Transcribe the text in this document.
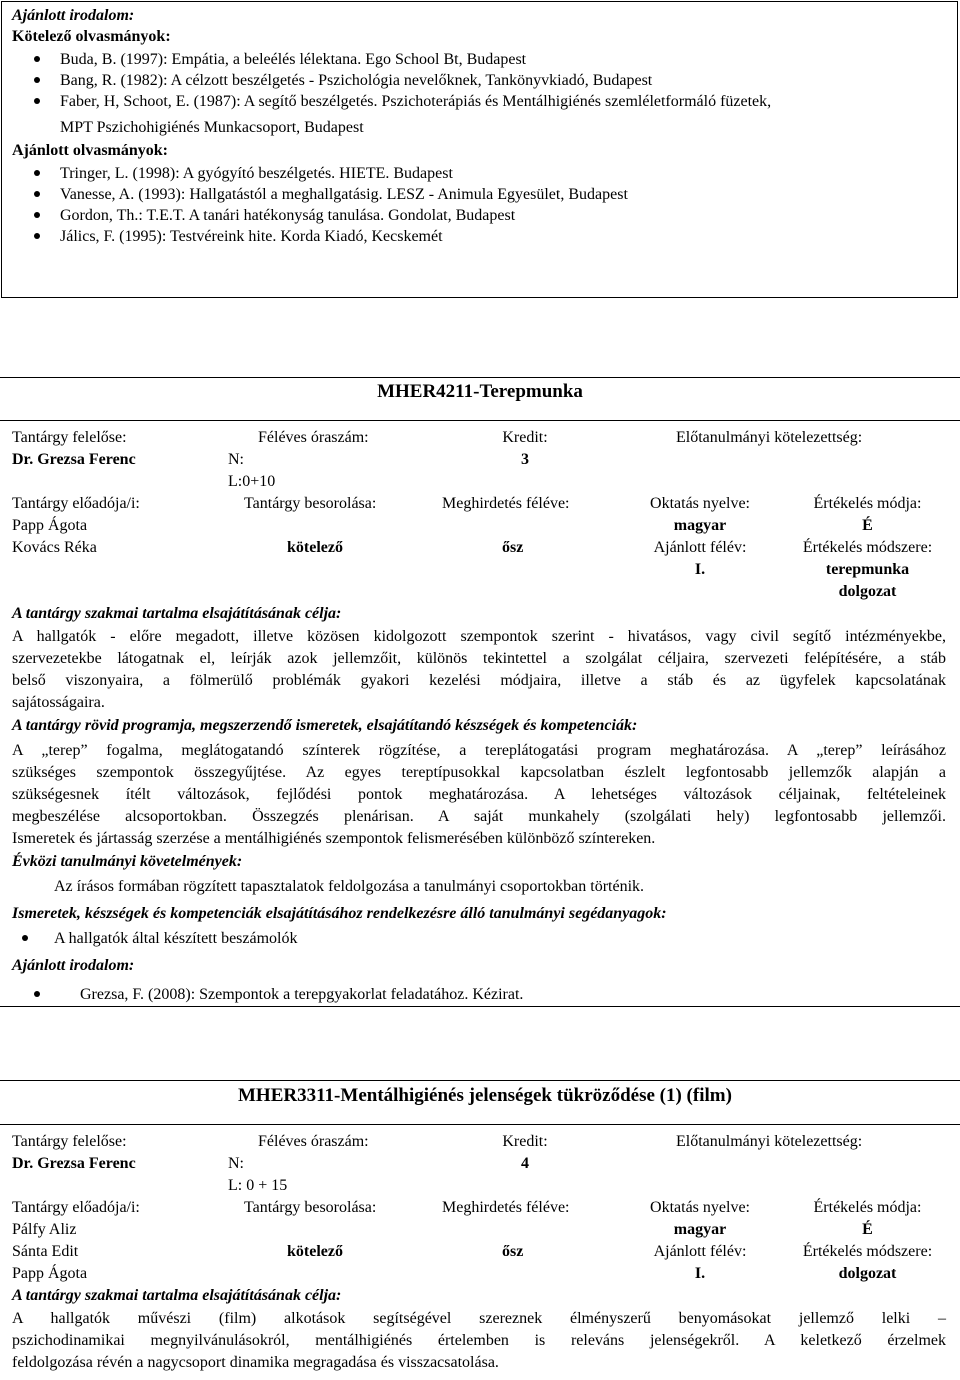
Ajánlott irodalom:
Kötelező olvasmányok:
Buda, B. (1997): Empátia, a beleélés lélektana. Ego School Bt, Budapest
Bang, R. (1982): A célzott beszélgetés - Pszichológia nevelőknek, Tankönyvkiadó, Budapest
Faber, H, Schoot, E. (1987): A segítő beszélgetés. Pszichoterápiás és Mentálhigiénés szemléletformáló füzetek,
MPT Pszichohigiénés Munkacsoport, Budapest
Ajánlott olvasmányok:
Tringer, L. (1998): A gyógyító beszélgetés. HIETE. Budapest
Vanesse, A. (1993): Hallgatástól a meghallgatásig. LESZ - Animula Egyesület, Budapest
Gordon, Th.: T.E.T. A tanári hatékonyság tanulása. Gondolat, Budapest
Jálics, F. (1995): Testvéreink hite. Korda Kiadó, Kecskemét
MHER4211-Terepmunka
Tantárgy felelőse:
Dr. Grezsa Ferenc
Féléves óraszám:
N:
L:0+10
Kredit:
3
Előtanulmányi kötelezettség:
Tantárgy előadója/i:
Papp Ágota
Kovács Réka
Tantárgy besorolása:
kötelező
Meghirdetés féléve:
ősz
Oktatás nyelve:
magyar
Ajánlott félév:
I.
Értékelés módja:
É
Értékelés módszere:
terepmunka
dolgozat
A tantárgy szakmai tartalma elsajátításának célja:
A hallgatók - előre megadott, illetve közösen kidolgozott szempontok szerint - hivatásos, vagy civil segítő intézményekbe,
szervezetekbe látogatnak el, leírják azok jellemzőit, különös tekintettel a szolgálat céljaira, szervezeti felépítésére, a stáb
belső viszonyaira, a fölmerülő problémák gyakori kezelési módjaira, illetve a stáb és az ügyfelek kapcsolatának
sajátosságaira.
A tantárgy rövid programja, megszerzendő ismeretek, elsajátítandó készségek és kompetenciák:
A „terep” fogalma, meglátogatandó színterek rögzítése, a tereplátogatási program meghatározása. A „terep” leírásához
szükséges szempontok összegyűjtése. Az egyes tereptípusokkal kapcsolatban észlelt legfontosabb jellemzők alapján a
szükségesnek ítélt változások, fejlődési pontok meghatározása. A lehetséges változások céljainak, feltételeinek
megbeszélése alcsoportokban. Összegzés plenárisan. A saját munkahely (szolgálati hely) legfontosabb jellemzői.
Ismeretek és jártasság szerzése a mentálhigiénés szempontok felismerésében különböző színtereken.
Évközi tanulmányi követelmények:
Az írásos formában rögzített tapasztalatok feldolgozása a tanulmányi csoportokban történik.
Ismeretek, készségek és kompetenciák elsajátításához rendelkezésre álló tanulmányi segédanyagok:
A hallgatók által készített beszámolók
Ajánlott irodalom:
Grezsa, F. (2008): Szempontok a terepgyakorlat feladatához. Kézirat.
MHER3311-Mentálhigiénés jelenségek tükröződése (1) (film)
Tantárgy felelőse:
Dr. Grezsa Ferenc
Féléves óraszám:
N:
L: 0 + 15
Kredit:
4
Előtanulmányi kötelezettség:
Tantárgy előadója/i:
Pálfy Aliz
Sánta Edit
Papp Ágota
Tantárgy besorolása:
kötelező
Meghirdetés féléve:
ősz
Oktatás nyelve:
magyar
Ajánlott félév:
I.
Értékelés módja:
É
Értékelés módszere:
dolgozat
A tantárgy szakmai tartalma elsajátításának célja:
A hallgatók művészi (film) alkotások segítségével szereznek élményszerű benyomásokat jellemző lelki –
pszichodinamikai megnyilvánulásokról, mentálhigiénés értelemben is releváns jelenségekről. A keletkező érzelmek
feldolgozása révén a nagycsoport dinamika megragadása és visszacsatolása.
